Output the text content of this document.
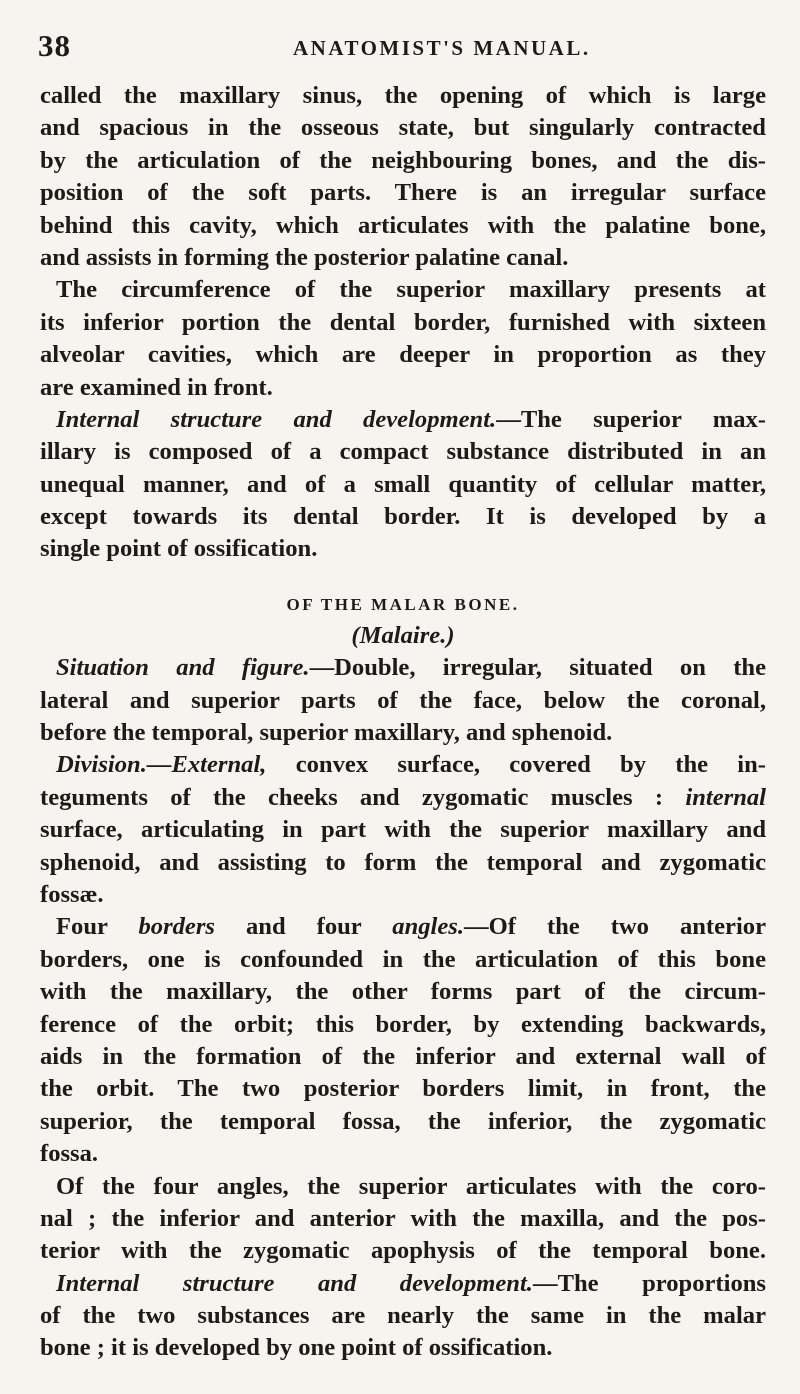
38	ANATOMIST'S MANUAL.
called the maxillary sinus, the opening of which is large
and spacious in the osseous state, but singularly contracted
by the articulation of the neighbouring bones, and the dis-
position of the soft parts. There is an irregular surface
behind this cavity, which articulates with the palatine bone,
and assists in forming the posterior palatine canal.
The circumference of the superior maxillary presents at
its inferior portion the dental border, furnished with sixteen
alveolar cavities, which are deeper in proportion as they
are examined in front.
Internal structure and development.—The superior max-
illary is composed of a compact substance distributed in an
unequal manner, and of a small quantity of cellular matter,
except towards its dental border. It is developed by a
single point of ossification.
OF THE MALAR BONE.
(Malaire.)
Situation and figure.—Double, irregular, situated on the
lateral and superior parts of the face, below the coronal,
before the temporal, superior maxillary, and sphenoid.
Division.—External, convex surface, covered by the in-
teguments of the cheeks and zygomatic muscles : internal
surface, articulating in part with the superior maxillary and
sphenoid, and assisting to form the temporal and zygomatic
fossæ.
Four borders and four angles.—Of the two anterior
borders, one is confounded in the articulation of this bone
with the maxillary, the other forms part of the circum-
ference of the orbit; this border, by extending backwards,
aids in the formation of the inferior and external wall of
the orbit. The two posterior borders limit, in front, the
superior, the temporal fossa, the inferior, the zygomatic
fossa.
Of the four angles, the superior articulates with the coro-
nal ; the inferior and anterior with the maxilla, and the pos-
terior with the zygomatic apophysis of the temporal bone.
Internal structure and development.—The proportions
of the two substances are nearly the same in the malar
bone ; it is developed by one point of ossification.
